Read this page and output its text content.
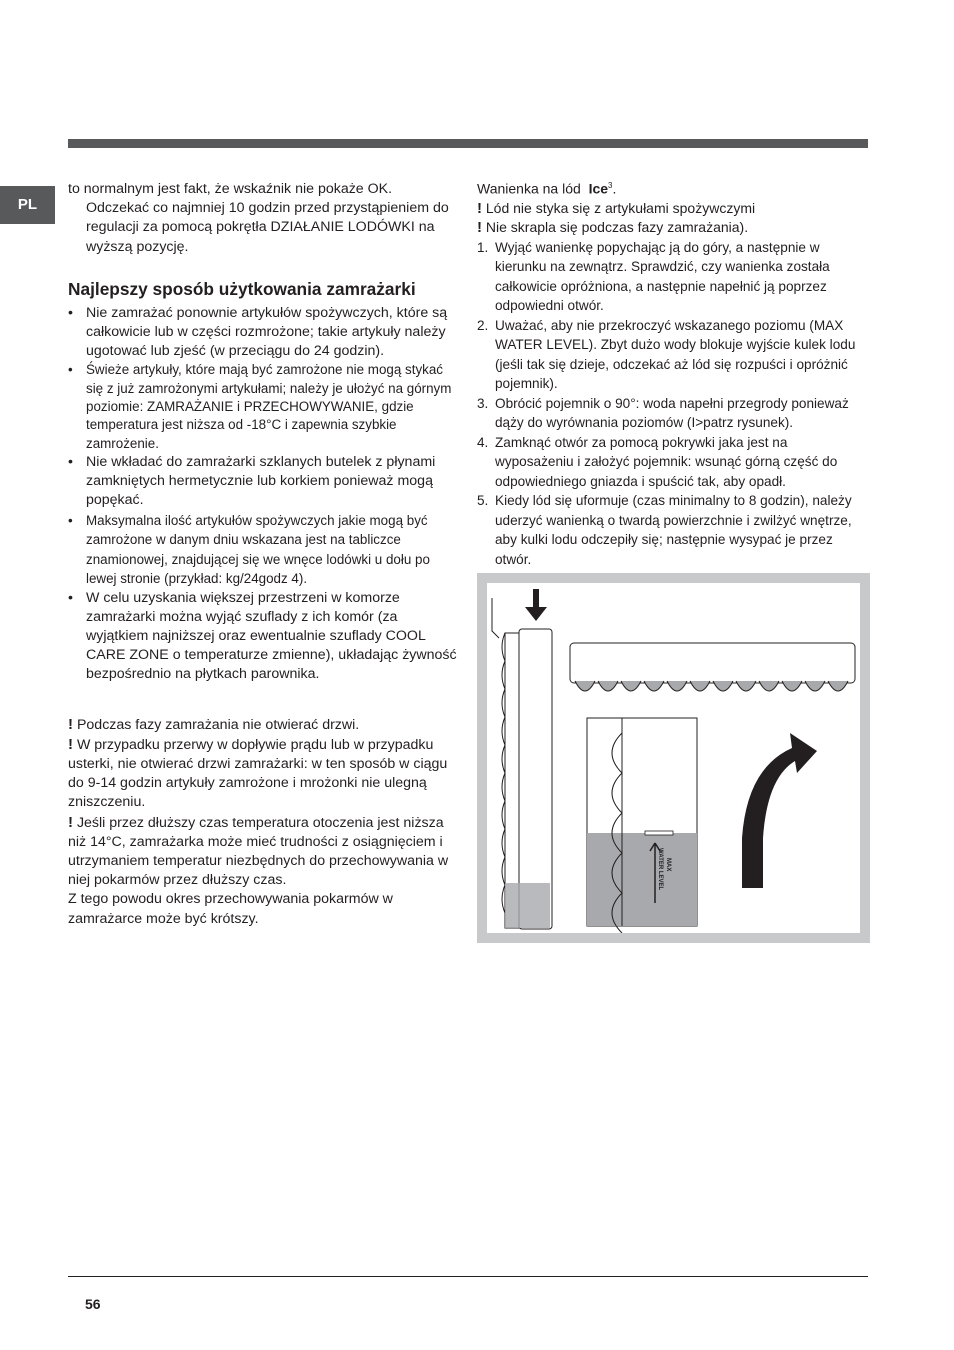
PL

to normalnym jest fakt, że wskaźnik nie pokaże OK.

Odczekać co najmniej 10 godzin przed przystąpieniem do regulacji za pomocą pokrętła DZIAŁANIE LODÓWKI na wyższą pozycję.

Najlepszy sposób użytkowania zamrażarki
• Nie zamrażać ponownie artykułów spożywczych, które są całkowicie lub w części rozmrożone; takie artykuły należy ugotować lub zjeść (w przeciągu do 24 godzin).
• Świeże artykuły, które mają być zamrożone nie mogą stykać się z już zamrożonymi artykułami; należy je ułożyć na górnym poziomie: ZAMRAŻANIE i PRZECHOWYWANIE, gdzie temperatura jest niższa od -18°C i zapewnia szybkie zamrożenie.
• Nie wkładać do zamrażarki szklanych butelek z płynami zamkniętych hermetycznie lub korkiem ponieważ mogą popękać.
• Maksymalna ilość artykułów spożywczych jakie mogą być zamrożone w danym dniu wskazana jest na tabliczce znamionowej, znajdującej się we wnęce lodówki u dołu po lewej stronie (przykład: kg/24godz 4).
• W celu uzyskania większej przestrzeni w komorze zamrażarki można wyjąć szuflady z ich komór (za wyjątkiem najniższej oraz ewentualnie szuflady COOL CARE ZONE o temperaturze zmienne), układając żywność bezpośrednio na płytkach parownika.

! Podczas fazy zamrażania nie otwierać drzwi.

! W przypadku przerwy w dopływie prądu lub w przypadku usterki, nie otwierać drzwi zamrażarki: w ten sposób w ciągu do 9-14 godzin artykuły zamrożone i mrożonki nie ulegną zniszczeniu.

! Jeśli przez dłuższy czas temperatura otoczenia jest niższa niż 14°C, zamrażarka może mieć trudności z osiągnięciem i utrzymaniem temperatur niezbędnych do przechowywania w niej pokarmów przez dłuższy czas.

Z tego powodu okres przechowywania pokarmów w zamrażarce może być krótszy.

Wanienka na lód Ice$^3$.

! Lód nie styka się z artykułami spożywczymi

! Nie skrapla się podczas fazy zamrażania).

1. Wyjąć wanienkę popychając ją do góry, a następnie w kierunku na zewnątrz. Sprawdzić, czy wanienka została całkowicie opróżniona, a następnie napełnić ją poprzez odpowiedni otwór.
2. Uważać, aby nie przekroczyć wskazanego poziomu (MAX WATER LEVEL). Zbyt dużo wody blokuje wyjście kulek lodu (jeśli tak się dzieje, odczekać aż lód się rozpuści i opróżnić pojemnik).
3. Obrócić pojemnik o 90°: woda napełni przegrody ponieważ dąży do wyrównania poziomów (I>patrz rysunek).
4. Zamknąć otwór za pomocą pokrywki jaka jest na wyposażeniu i założyć pojemnik: wsunąć górną część do odpowiedniego gniazda i spuścić tak, aby opadł.
5. Kiedy lód się uformuje (czas minimalny to 8 godzin), należy uderzyć wanienką o twardą powierzchnie i zwilżyć wnętrze, aby kulki lodu odczepiły się; następnie wysypać je przez otwór.
MAX
WATER LEVEL
56
